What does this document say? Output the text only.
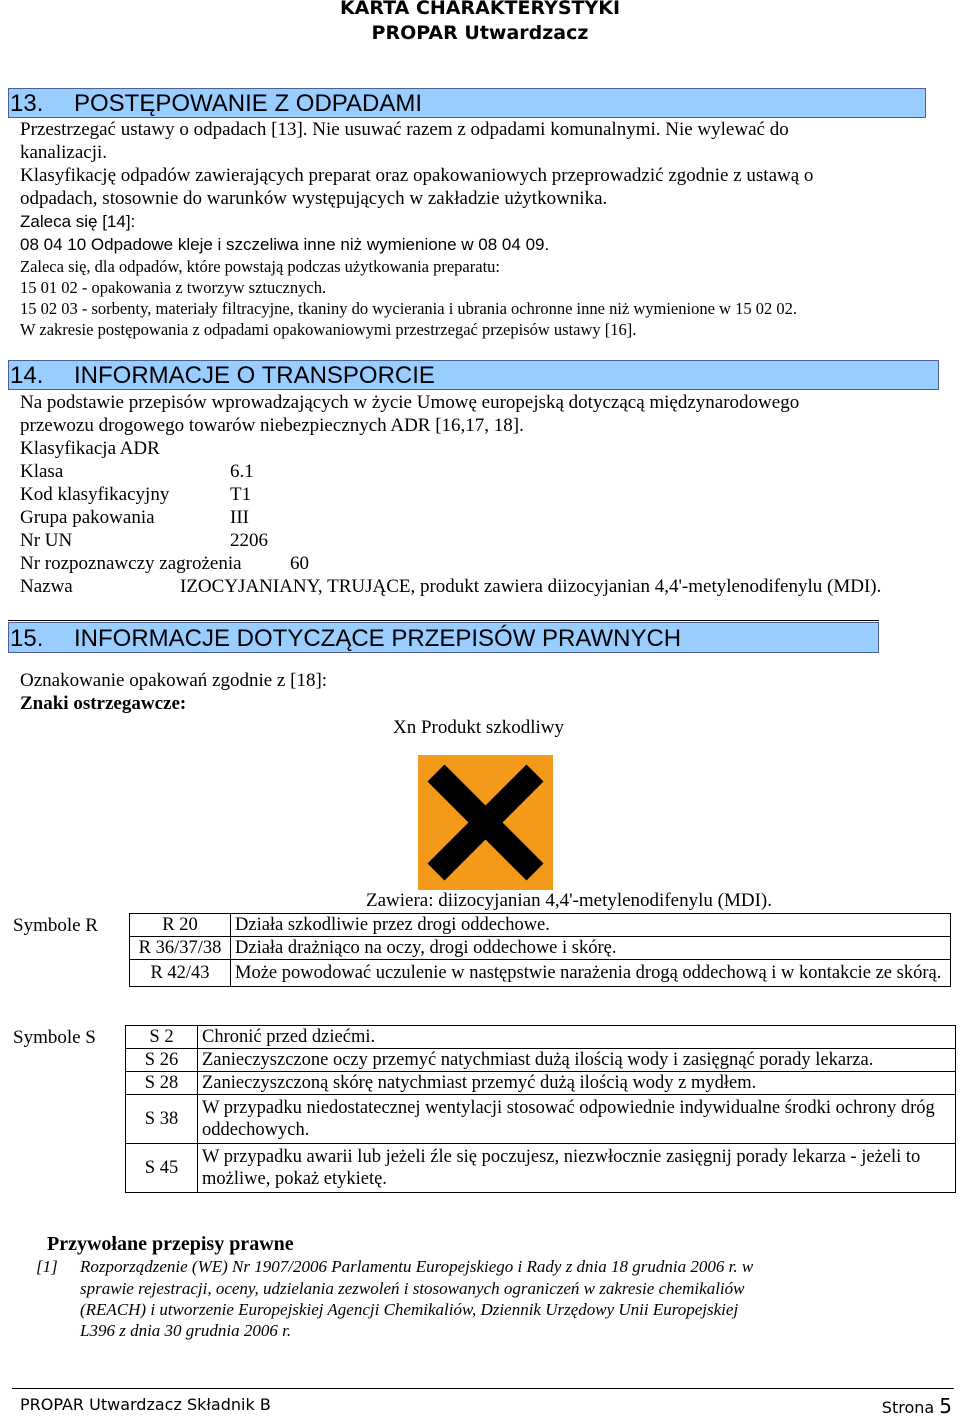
KARTA CHARAKTERYSTYKI
PROPAR Utwardzacz
13. POSTĘPOWANIE Z ODPADAMI
Przestrzegać ustawy o odpadach [13]. Nie usuwać razem z odpadami komunalnymi. Nie wylewać do
kanalizacji.
Klasyfikację odpadów zawierających preparat oraz opakowaniowych przeprowadzić zgodnie z ustawą o
odpadach, stosownie do warunków występujących w zakładzie użytkownika.
Zaleca się [14]:
08 04 10 Odpadowe kleje i szczeliwa inne niż wymienione w 08 04 09.
Zaleca się, dla odpadów, które powstają podczas użytkowania preparatu:
15 01 02 - opakowania z tworzyw sztucznych.
15 02 03 - sorbenty, materiały filtracyjne, tkaniny do wycierania i ubrania ochronne inne niż wymienione w 15 02 02.
W zakresie postępowania z odpadami opakowaniowymi przestrzegać przepisów ustawy [16].
14. INFORMACJE O TRANSPORCIE
Na podstawie przepisów wprowadzających w życie Umowę europejską dotyczącą międzynarodowego
przewozu drogowego towarów niebezpiecznych ADR [16,17, 18].
Klasyfikacja ADR
Klasa	6.1
Kod klasyfikacyjny	T1
Grupa pakowania	III
Nr UN	2206
Nr rozpoznawczy zagrożenia	60
Nazwa	IZOCYJANIANY, TRUJĄCE, produkt zawiera diizocyjanian 4,4'-metylenodifenylu (MDI).
15. INFORMACJE DOTYCZĄCE PRZEPISÓW PRAWNYCH
Oznakowanie opakowań zgodnie z [18]:
Znaki ostrzegawcze:
Xn Produkt szkodliwy
Zawiera: diizocyjanian 4,4'-metylenodifenylu (MDI).
Symbole R	R 20	Działa szkodliwie przez drogi oddechowe.
R 36/37/38	Działa drażniąco na oczy, drogi oddechowe i skórę.
R 42/43	Może powodować uczulenie w następstwie narażenia drogą oddechową i w kontakcie ze skórą.
Symbole S	S 2	Chronić przed dziećmi.
S 26	Zanieczyszczone oczy przemyć natychmiast dużą ilością wody i zasięgnąć porady lekarza.
S 28	Zanieczyszczoną skórę natychmiast przemyć dużą ilością wody z mydłem.
S 38	W przypadku niedostatecznej wentylacji stosować odpowiednie indywidualne środki ochrony dróg oddechowych.
S 45	W przypadku awarii lub jeżeli źle się poczujesz, niezwłocznie zasięgnij porady lekarza - jeżeli to możliwe, pokaż etykietę.
Przywołane przepisy prawne
[1] Rozporządzenie (WE) Nr 1907/2006 Parlamentu Europejskiego i Rady z dnia 18 grudnia 2006 r. w
sprawie rejestracji, oceny, udzielania zezwoleń i stosowanych ograniczeń w zakresie chemikaliów
(REACH) i utworzenie Europejskiej Agencji Chemikaliów, Dziennik Urzędowy Unii Europejskiej
L396 z dnia 30 grudnia 2006 r.
PROPAR Utwardzacz Składnik B	Strona 5
